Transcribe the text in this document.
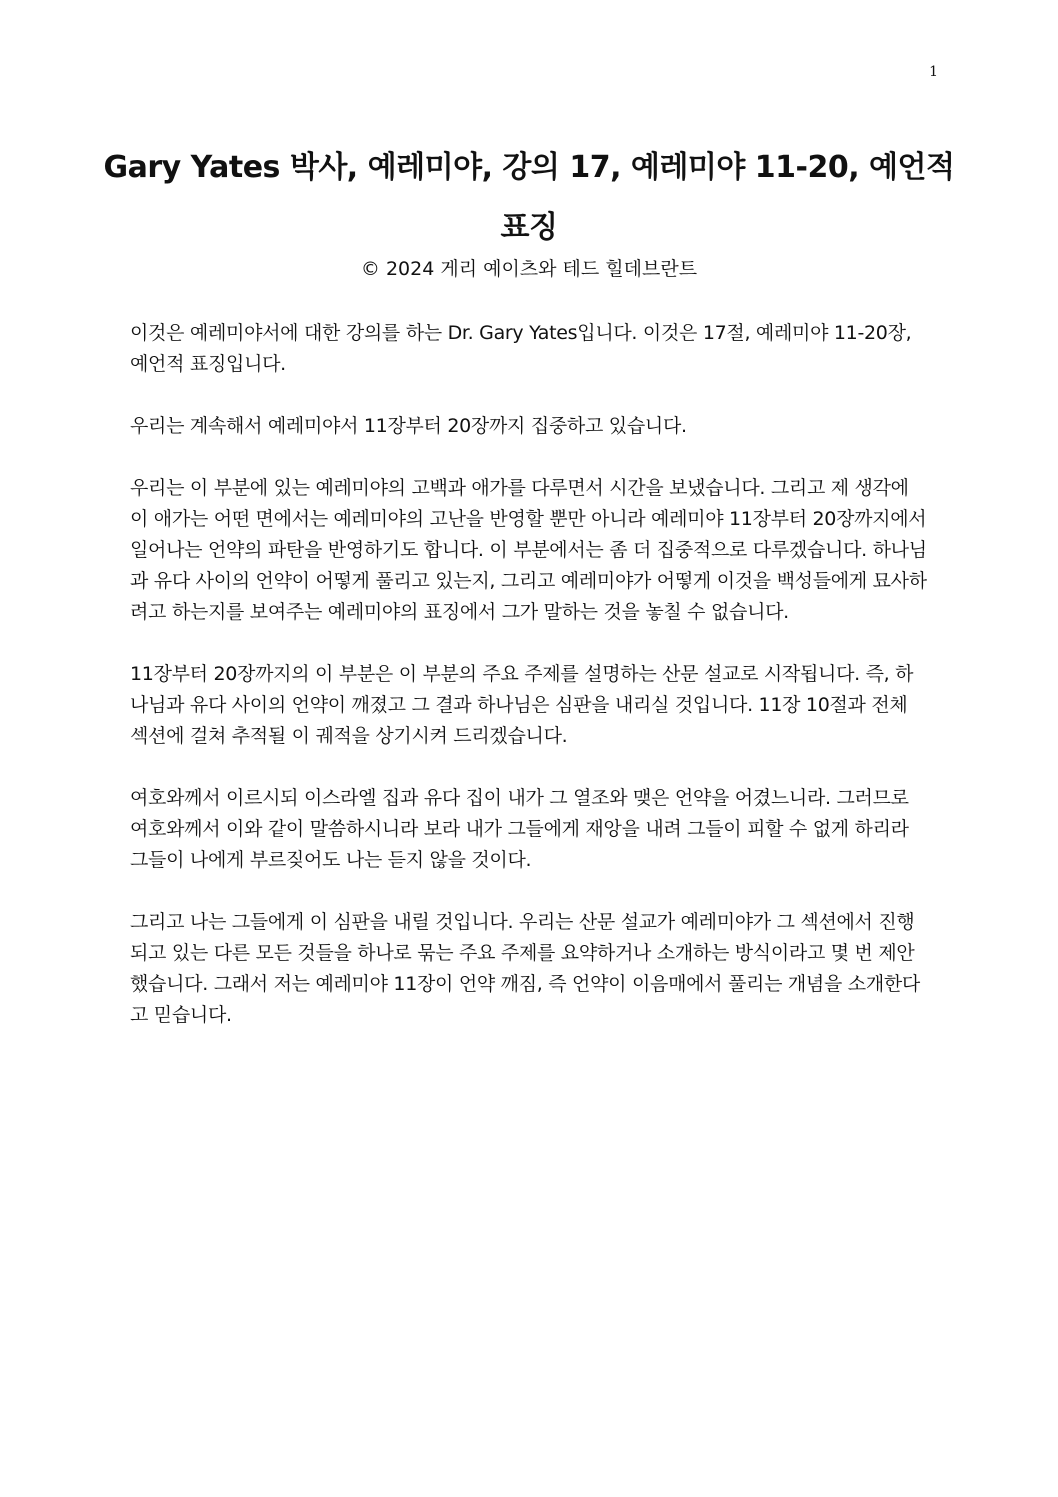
1
Gary Yates 박사, 예레미야, 강의 17, 예레미야 11-20, 예언적 표징
© 2024 게리 예이츠와 테드 힐데브란트

이것은 예레미야서에 대한 강의를 하는 Dr. Gary Yates입니다. 이것은 17절, 예레미야 11-20장, 예언적 표징입니다.

우리는 계속해서 예레미야서 11장부터 20장까지 집중하고 있습니다.

우리는 이 부분에 있는 예레미야의 고백과 애가를 다루면서 시간을 보냈습니다. 그리고 제 생각에 이 애가는 어떤 면에서는 예레미야의 고난을 반영할 뿐만 아니라 예레미야 11장부터 20장까지에서 일어나는 언약의 파탄을 반영하기도 합니다. 이 부분에서는 좀 더 집중적으로 다루겠습니다. 하나님과 유다 사이의 언약이 어떻게 풀리고 있는지, 그리고 예레미야가 어떻게 이것을 백성들에게 묘사하려고 하는지를 보여주는 예레미야의 표징에서 그가 말하는 것을 놓칠 수 없습니다.

11장부터 20장까지의 이 부분은 이 부분의 주요 주제를 설명하는 산문 설교로 시작됩니다. 즉, 하나님과 유다 사이의 언약이 깨졌고 그 결과 하나님은 심판을 내리실 것입니다. 11장 10절과 전체 섹션에 걸쳐 추적될 이 궤적을 상기시켜 드리겠습니다.

여호와께서 이르시되 이스라엘 집과 유다 집이 내가 그 열조와 맺은 언약을 어겼느니라. 그러므로 여호와께서 이와 같이 말씀하시니라 보라 내가 그들에게 재앙을 내려 그들이 피할 수 없게 하리라 그들이 나에게 부르짖어도 나는 듣지 않을 것이다.

그리고 나는 그들에게 이 심판을 내릴 것입니다. 우리는 산문 설교가 예레미야가 그 섹션에서 진행되고 있는 다른 모든 것들을 하나로 묶는 주요 주제를 요약하거나 소개하는 방식이라고 몇 번 제안했습니다. 그래서 저는 예레미야 11장이 언약 깨짐, 즉 언약이 이음매에서 풀리는 개념을 소개한다고 믿습니다.
